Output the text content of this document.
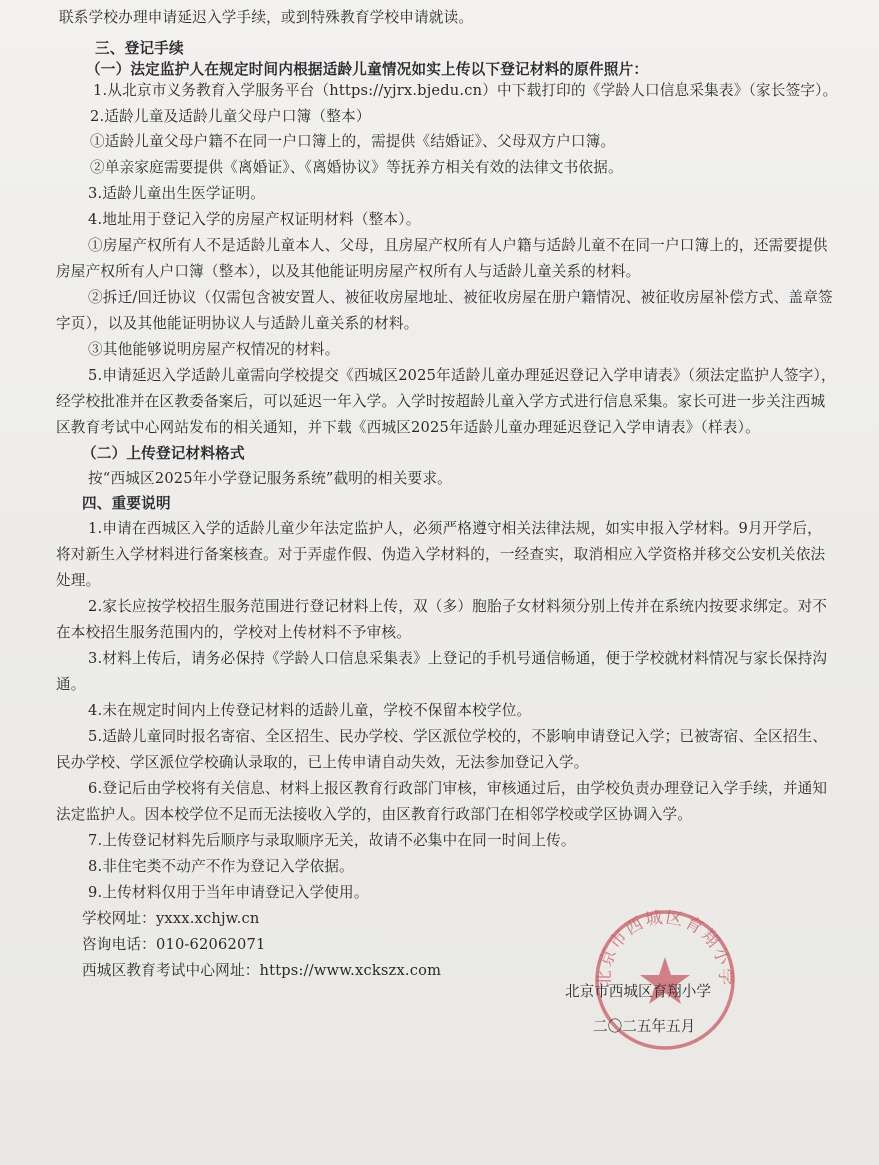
联系学校办理申请延迟入学手续，或到特殊教育学校申请就读。
三、登记手续
（一）法定监护人在规定时间内根据适龄儿童情况如实上传以下登记材料的原件照片：
1.从北京市义务教育入学服务平台（https://yjrx.bjedu.cn）中下载打印的《学龄人口信息采集表》（家长签字）。
2.适龄儿童及适龄儿童父母户口簿（整本）
①适龄儿童父母户籍不在同一户口簿上的，需提供《结婚证》、父母双方户口簿。
②单亲家庭需要提供《离婚证》、《离婚协议》等抚养方相关有效的法律文书依据。
3.适龄儿童出生医学证明。
4.地址用于登记入学的房屋产权证明材料（整本）。
①房屋产权所有人不是适龄儿童本人、父母，且房屋产权所有人户籍与适龄儿童不在同一户口簿上的，还需要提供
房屋产权所有人户口簿（整本），以及其他能证明房屋产权所有人与适龄儿童关系的材料。
②拆迁/回迁协议（仅需包含被安置人、被征收房屋地址、被征收房屋在册户籍情况、被征收房屋补偿方式、盖章签
字页），以及其他能证明协议人与适龄儿童关系的材料。
③其他能够说明房屋产权情况的材料。
5.申请延迟入学适龄儿童需向学校提交《西城区2025年适龄儿童办理延迟登记入学申请表》（须法定监护人签字），
经学校批准并在区教委备案后，可以延迟一年入学。入学时按超龄儿童入学方式进行信息采集。家长可进一步关注西城
区教育考试中心网站发布的相关通知，并下载《西城区2025年适龄儿童办理延迟登记入学申请表》（样表）。
（二）上传登记材料格式
按“西城区2025年小学登记服务系统”截明的相关要求。
四、重要说明
1.申请在西城区入学的适龄儿童少年法定监护人，必须严格遵守相关法律法规，如实申报入学材料。9月开学后，
将对新生入学材料进行备案核查。对于弄虚作假、伪造入学材料的，一经查实，取消相应入学资格并移交公安机关依法
处理。
2.家长应按学校招生服务范围进行登记材料上传，双（多）胞胎子女材料须分别上传并在系统内按要求绑定。对不
在本校招生服务范围内的，学校对上传材料不予审核。
3.材料上传后，请务必保持《学龄人口信息采集表》上登记的手机号通信畅通，便于学校就材料情况与家长保持沟
通。
4.未在规定时间内上传登记材料的适龄儿童，学校不保留本校学位。
5.适龄儿童同时报名寄宿、全区招生、民办学校、学区派位学校的，不影响申请登记入学；已被寄宿、全区招生、
民办学校、学区派位学校确认录取的，已上传申请自动失效，无法参加登记入学。
6.登记后由学校将有关信息、材料上报区教育行政部门审核，审核通过后，由学校负责办理登记入学手续，并通知
法定监护人。因本校学位不足而无法接收入学的，由区教育行政部门在相邻学校或学区协调入学。
7.上传登记材料先后顺序与录取顺序无关，故请不必集中在同一时间上传。
8.非住宅类不动产不作为登记入学依据。
9.上传材料仅用于当年申请登记入学使用。
学校网址：yxxx.xchjw.cn
咨询电话：010-62062071
西城区教育考试中心网址：https://www.xckszx.com	北京市西城区育翔小学
北京市西城区育翔小学
二〇二五年五月
